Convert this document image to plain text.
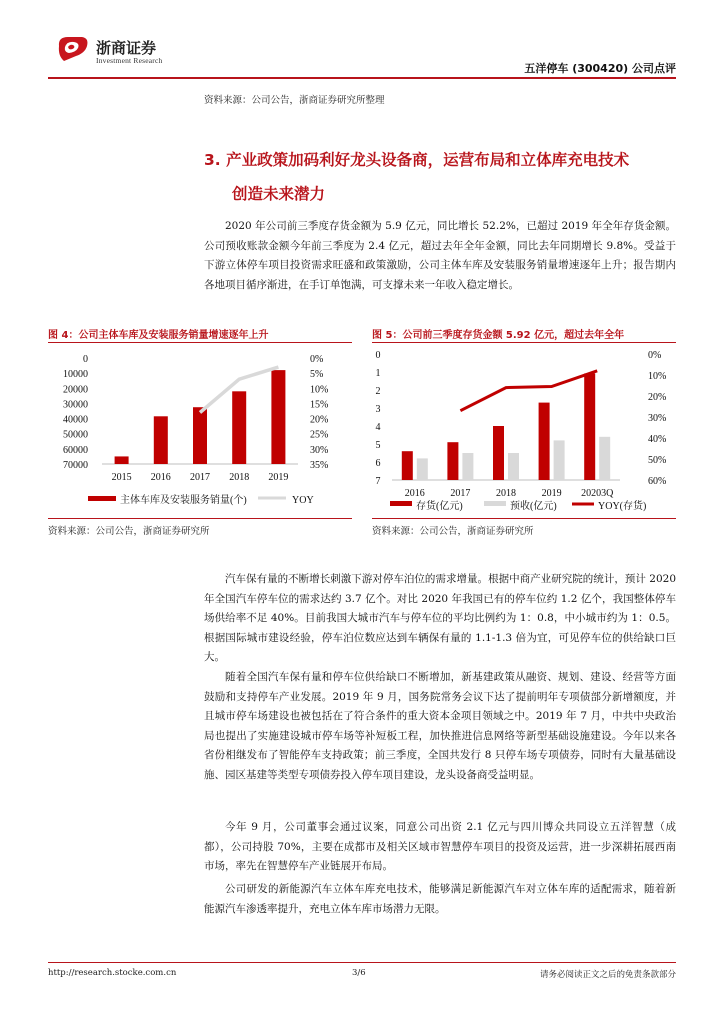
浙商证券
Investment Research
五洋停车 (300420) 公司点评
资料来源：公司公告，浙商证券研究所整理
3. 产业政策加码利好龙头设备商，运营布局和立体库充电技术
创造未来潜力
2020 年公司前三季度存货金额为 5.9 亿元，同比增长 52.2%，已超过 2019 年全年存货金额。公司预收账款金额今年前三季度为 2.4 亿元，超过去年全年金额，同比去年同期增长 9.8%。受益于下游立体停车项目投资需求旺盛和政策激励，公司主体车库及安装服务销量增速逐年上升；报告期内各地项目循序渐进，在手订单饱满，可支撑未来一年收入稳定增长。
图 4：公司主体车库及安装服务销量增速逐年上升
70000
60000
50000
40000
30000
20000
10000
0
35%
30%
25%
20%
15%
10%
5%
0%
2015 2016 2017 2018 2019
主体车库及安装服务销量(个)	YOY
资料来源：公司公告，浙商证券研究所
图 5：公司前三季度存货金额 5.92 亿元，超过去年全年
7
6
5
4
3
2
1
0
60%
50%
40%
30%
20%
10%
0%
2016	2017	2018	2019 20203Q
存货(亿元)	预收(亿元)	YOY(存货)
资料来源：公司公告，浙商证券研究所
汽车保有量的不断增长刺激下游对停车泊位的需求增量。根据中商产业研究院的统计，预计 2020 年全国汽车停车位的需求达约 3.7 亿个。对比 2020 年我国已有的停车位约 1.2 亿个，我国整体停车场供给率不足 40%。目前我国大城市汽车与停车位的平均比例约为 1：0.8，中小城市约为 1：0.5。根据国际城市建设经验，停车泊位数应达到车辆保有量的 1.1-1.3 倍为宜，可见停车位的供给缺口巨大。
随着全国汽车保有量和停车位供给缺口不断增加，新基建政策从融资、规划、建设、经营等方面鼓励和支持停车产业发展。2019 年 9 月，国务院常务会议下达了提前明年专项债部分新增额度，并且城市停车场建设也被包括在了符合条件的重大资本金项目领域之中。2019 年 7 月，中共中央政治局也提出了实施建设城市停车场等补短板工程，加快推进信息网络等新型基础设施建设。今年以来各省份相继发布了智能停车支持政策；前三季度，全国共发行 8 只停车场专项债券，同时有大量基础设施、园区基建等类型专项债券投入停车项目建设，龙头设备商受益明显。
今年 9 月，公司董事会通过议案，同意公司出资 2.1 亿元与四川博众共同设立五洋智慧（成都），公司持股 70%，主要在成都市及相关区域市智慧停车项目的投资及运营，进一步深耕拓展西南市场，率先在智慧停车产业链展开布局。
公司研发的新能源汽车立体车库充电技术，能够满足新能源汽车对立体车库的适配需求，随着新能源汽车渗透率提升，充电立体车库市场潜力无限。
http://research.stocke.com.cn	3/6	请务必阅读正文之后的免责条款部分
